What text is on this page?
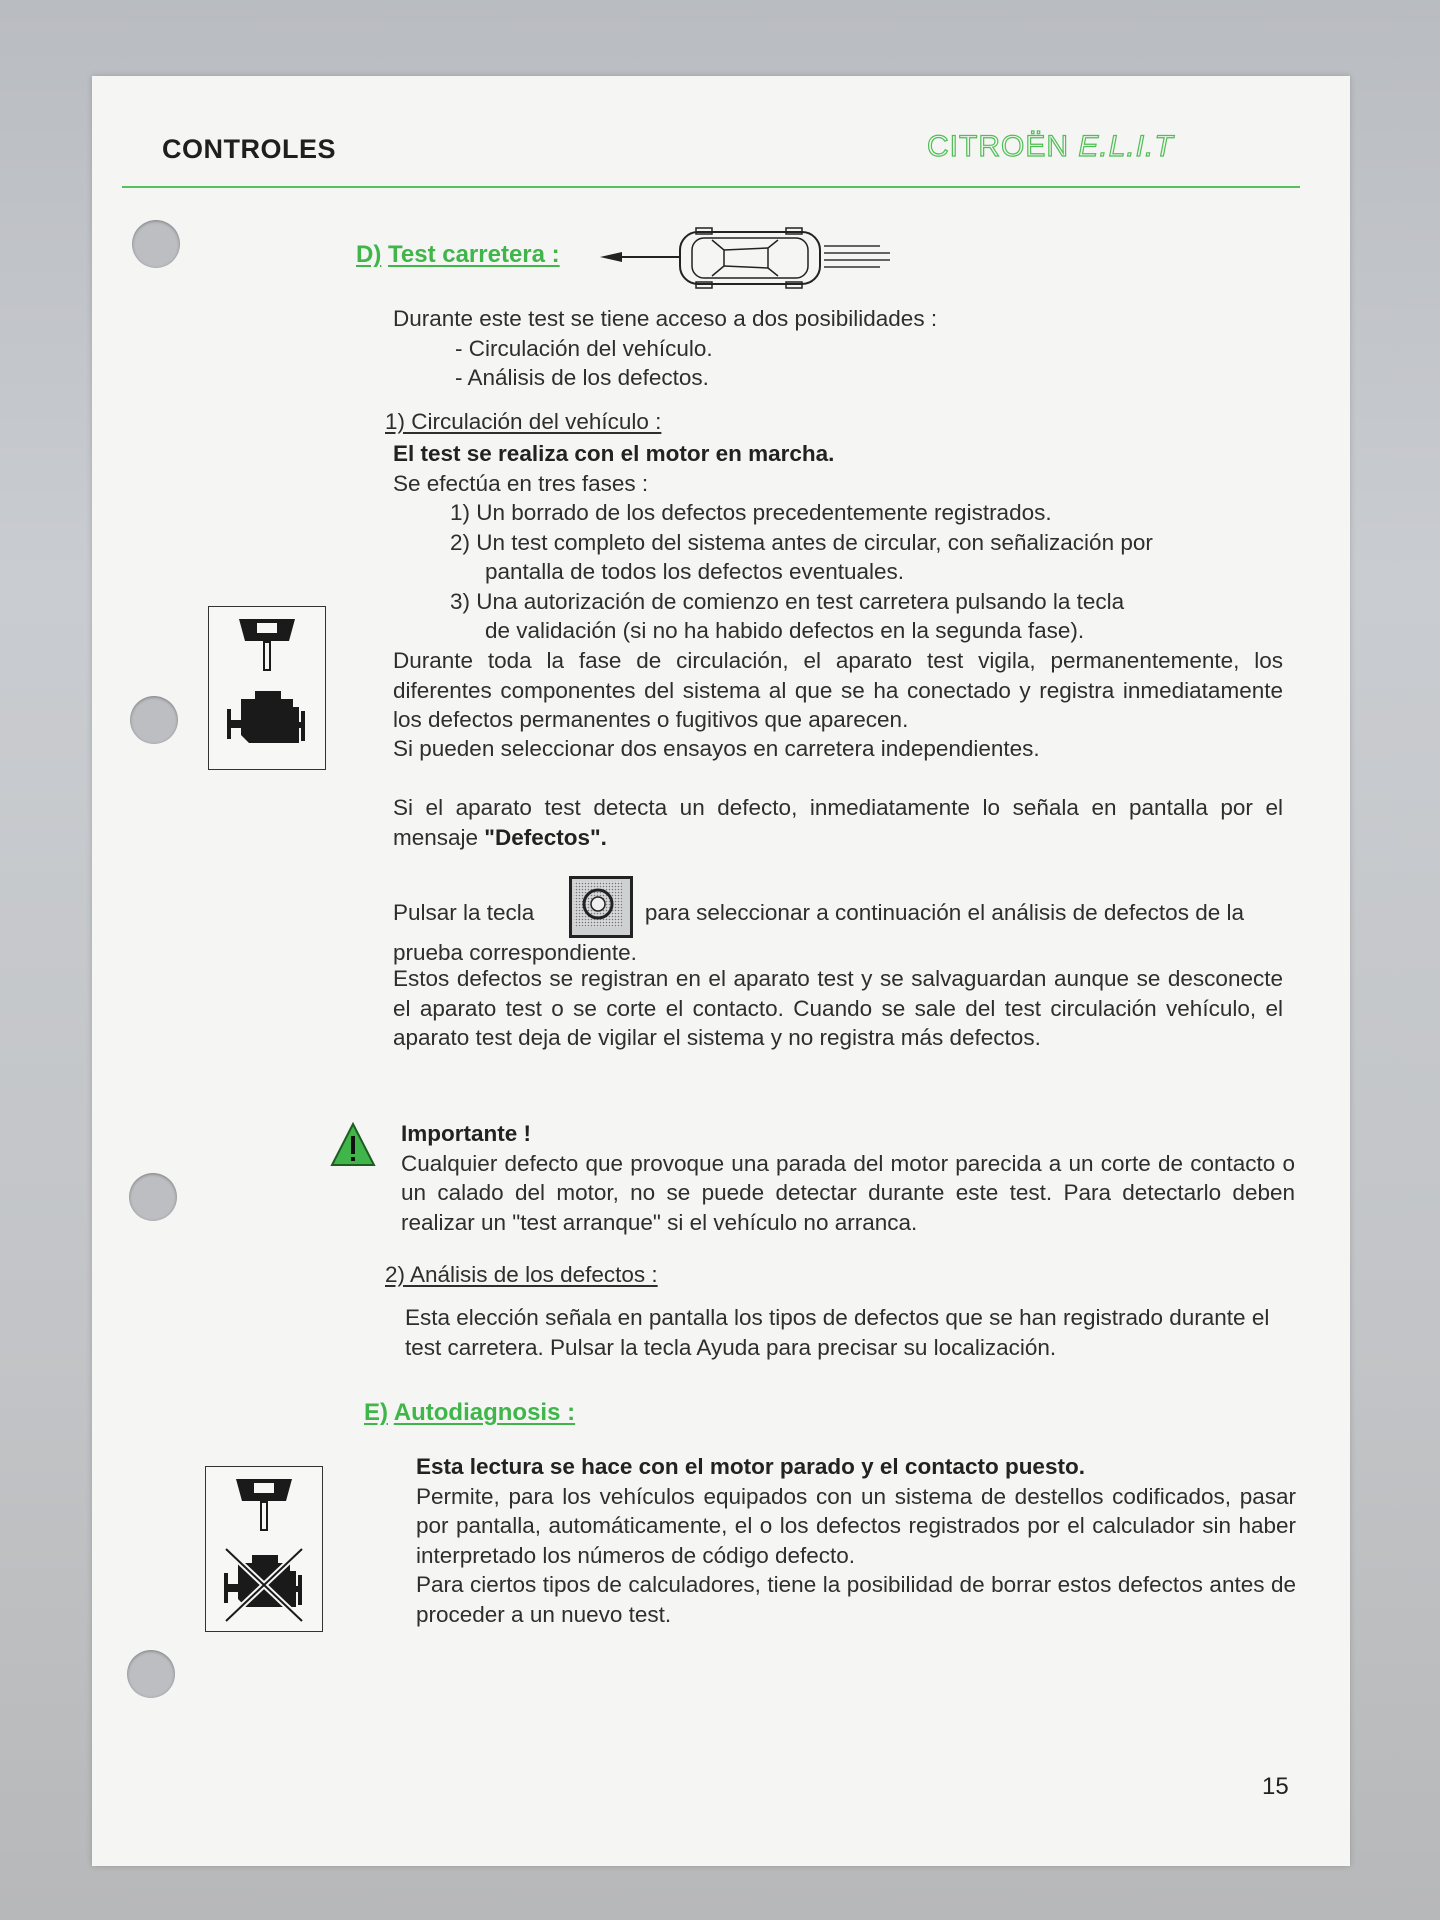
CONTROLES	CITROËN E.L.I.T
D) Test carretera :
Durante este test se tiene acceso a dos posibilidades :
- Circulación del vehículo.
- Análisis de los defectos.
1) Circulación del vehículo :
El test se realiza con el motor en marcha.
Se efectúa en tres fases :
1) Un borrado de los defectos precedentemente registrados.
2) Un test completo del sistema antes de circular, con señalización por
pantalla de todos los defectos eventuales.
3) Una autorización de comienzo en test carretera pulsando la tecla
de validación (si no ha habido defectos en la segunda fase).
Durante toda la fase de circulación, el aparato test vigila, permanentemente, los diferentes componentes del sistema al que se ha conectado y registra inmediatamente los defectos permanentes o fugitivos que aparecen.
Si pueden seleccionar dos ensayos en carretera independientes.
Si el aparato test detecta un defecto, inmediatamente lo señala en pantalla por el mensaje "Defectos".
Pulsar la tecla	para seleccionar a continuación el análisis de defectos de la prueba correspondiente.
Estos defectos se registran en el aparato test y se salvaguardan aunque se desconecte el aparato test o se corte el contacto. Cuando se sale del test circulación vehículo, el aparato test deja de vigilar el sistema y no registra más defectos.
Importante !
Cualquier defecto que provoque una parada del motor parecida a un corte de contacto o un calado del motor, no se puede detectar durante este test. Para detectarlo deben realizar un "test arranque" si el vehículo no arranca.
2) Análisis de los defectos :
Esta elección señala en pantalla los tipos de defectos que se han registrado durante el test carretera. Pulsar la tecla Ayuda para precisar su localización.
E) Autodiagnosis :
Esta lectura se hace con el motor parado y el contacto puesto.
Permite, para los vehículos equipados con un sistema de destellos codificados, pasar por pantalla, automáticamente, el o los defectos registrados por el calculador sin haber interpretado los números de código defecto.
Para ciertos tipos de calculadores, tiene la posibilidad de borrar estos defectos antes de proceder a un nuevo test.
15
